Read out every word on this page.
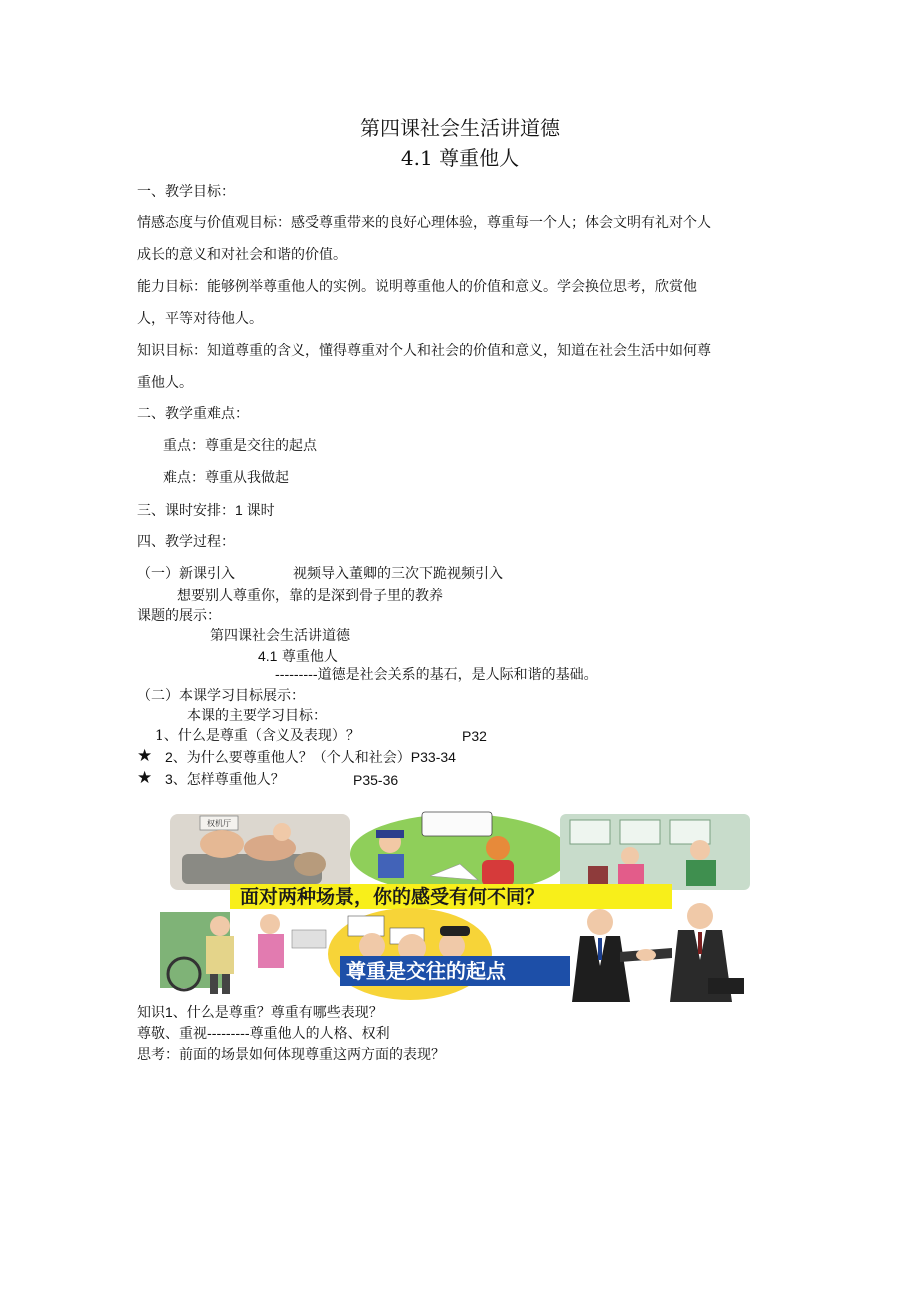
第四课社会生活讲道德
4.1 尊重他人
一、教学目标：
情感态度与价值观目标：感受尊重带来的良好心理体验，尊重每一个人；体会文明有礼对个人
成长的意义和对社会和谐的价值。
能力目标：能够例举尊重他人的实例。说明尊重他人的价值和意义。学会换位思考，欣赏他
人，平等对待他人。
知识目标：知道尊重的含义，懂得尊重对个人和社会的价值和意义，知道在社会生活中如何尊
重他人。
二、教学重难点：
重点：尊重是交往的起点
难点：尊重从我做起
三、课时安排：1 课时
四、教学过程：
（一）新课引入	视频导入董卿的三次下跪视频引入
想要别人尊重你，靠的是深到骨子里的教养
课题的展示：
第四课社会生活讲道德
4.1 尊重他人
---------道德是社会关系的基石，是人际和谐的基础。
（二）本课学习目标展示：
本课的主要学习目标：
1、什么是尊重（含义及表现）？	P32
★ 2、为什么要尊重他人？（个人和社会）P33-34
★ 3、怎样尊重他人？	P35-36
权机厅
面对两种场景，你的感受有何不同？
尊重是交往的起点
知识1、什么是尊重？尊重有哪些表现？
尊敬、重视---------尊重他人的人格、权利
思考：前面的场景如何体现尊重这两方面的表现？
